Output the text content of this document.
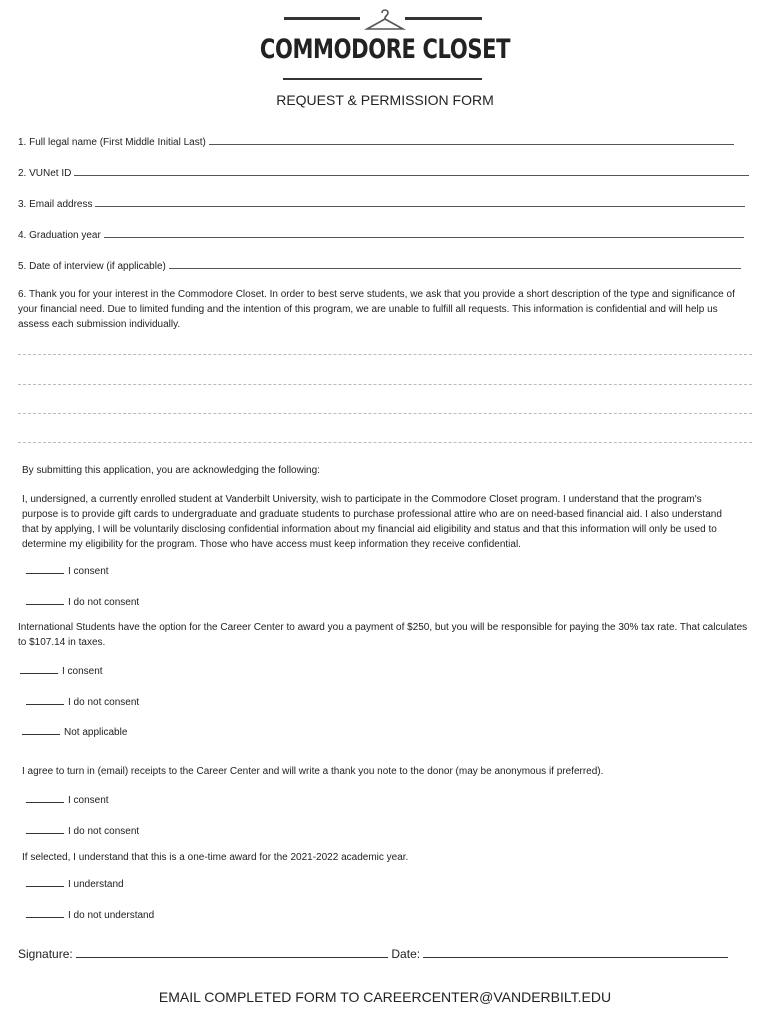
COMMODORE CLOSET
REQUEST & PERMISSION FORM
1. Full legal name (First Middle Initial Last)
2. VUNet ID
3. Email address
4. Graduation year
5. Date of interview (if applicable)
6. Thank you for your interest in the Commodore Closet. In order to best serve students, we ask that you provide a short description of the type and significance of your financial need. Due to limited funding and the intention of this program, we are unable to fulfill all requests. This information is confidential and will help us assess each submission individually.
By submitting this application, you are acknowledging the following:
I, undersigned, a currently enrolled student at Vanderbilt University, wish to participate in the Commodore Closet program. I understand that the program's purpose is to provide gift cards to undergraduate and graduate students to purchase professional attire who are on need-based financial aid. I also understand that by applying, I will be voluntarily disclosing confidential information about my financial aid eligibility and status and that this information will only be used to determine my eligibility for the program. Those who have access must keep information they receive confidential.
I consent
I do not consent
International Students have the option for the Career Center to award you a payment of $250, but you will be responsible for paying the 30% tax rate. That calculates to $107.14 in taxes.
I consent
I do not consent
Not applicable
I agree to turn in (email) receipts to the Career Center and will write a thank you note to the donor (may be anonymous if preferred).
I consent
I do not consent
If selected, I understand that this is a one-time award for the 2021-2022 academic year.
I understand
I do not understand
Signature:	Date:
EMAIL COMPLETED FORM TO CAREERCENTER@VANDERBILT.EDU
